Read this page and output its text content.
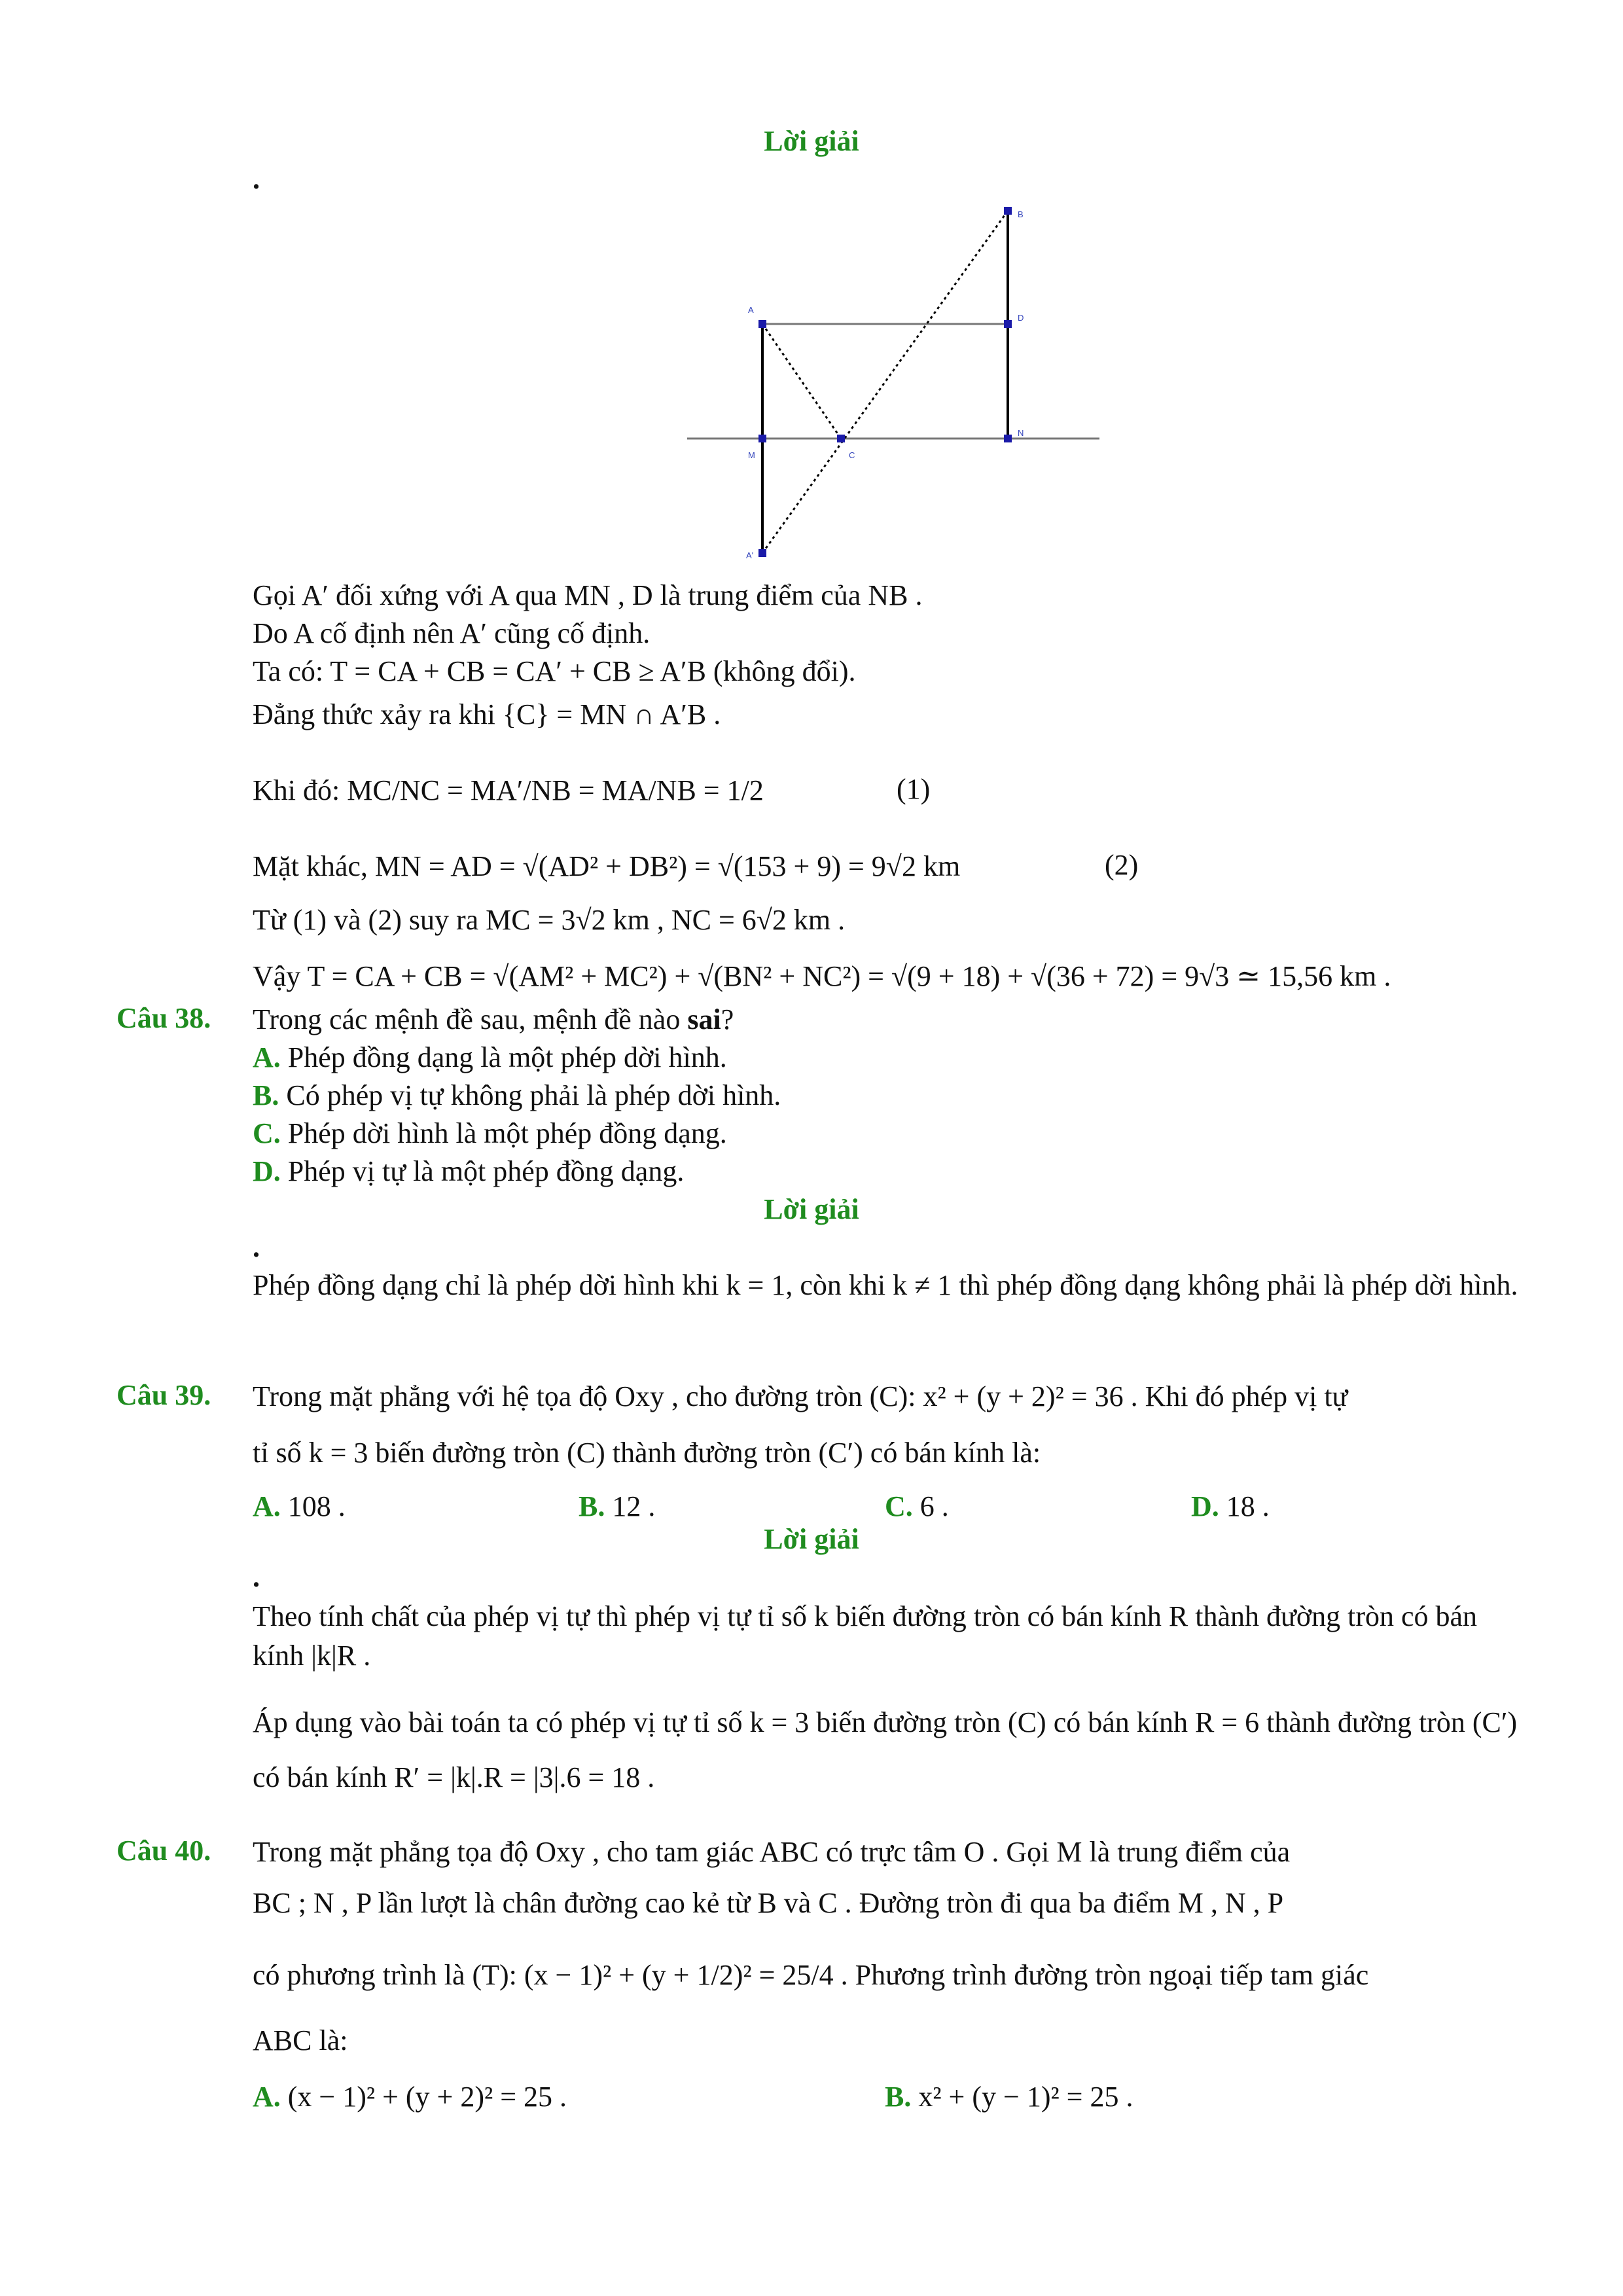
Lời giải
.
A
B
M	C
N
D
A'
Gọi A′ đối xứng với A qua MN , D là trung điểm của NB .
Do A cố định nên A′ cũng cố định.
Ta có: T = CA + CB = CA′ + CB ≥ A′B (không đổi).
Đẳng thức xảy ra khi {C} = MN ∩ A′B .
Khi đó: MC/NC = MA′/NB = MA/NB = 1/2	(1)
Mặt khác, MN = AD = √(AD² + DB²) = √(153 + 9) = 9√2 km	(2)
Từ (1) và (2) suy ra MC = 3√2 km , NC = 6√2 km .
Vậy T = CA + CB = √(AM² + MC²) + √(BN² + NC²) = √(9 + 18) + √(36 + 72) = 9√3 ≃ 15,56 km .
Câu 38. Trong các mệnh đề sau, mệnh đề nào sai?
A. Phép đồng dạng là một phép dời hình.
B. Có phép vị tự không phải là phép dời hình.
C. Phép dời hình là một phép đồng dạng.
D. Phép vị tự là một phép đồng dạng.
Lời giải
.
Phép đồng dạng chỉ là phép dời hình khi k = 1, còn khi k ≠ 1 thì phép đồng dạng không phải là phép dời hình.
Câu 39. Trong mặt phẳng với hệ tọa độ Oxy , cho đường tròn (C): x² + (y + 2)² = 36 . Khi đó phép vị tự
tỉ số k = 3 biến đường tròn (C) thành đường tròn (C′) có bán kính là:
A. 108 .	B. 12 .	C. 6 .	D. 18 .
Lời giải
.
Theo tính chất của phép vị tự thì phép vị tự tỉ số k biến đường tròn có bán kính R thành đường tròn có bán kính |k|R .
Áp dụng vào bài toán ta có phép vị tự tỉ số k = 3 biến đường tròn (C) có bán kính R = 6 thành đường tròn (C′) có bán kính R′ = |k|.R = |3|.6 = 18 .
Câu 40. Trong mặt phẳng tọa độ Oxy , cho tam giác ABC có trực tâm O . Gọi M là trung điểm của
BC ; N , P lần lượt là chân đường cao kẻ từ B và C . Đường tròn đi qua ba điểm M , N , P
có phương trình là (T): (x − 1)² + (y + 1/2)² = 25/4 . Phương trình đường tròn ngoại tiếp tam giác
ABC là:
A. (x − 1)² + (y + 2)² = 25 .	B. x² + (y − 1)² = 25 .
